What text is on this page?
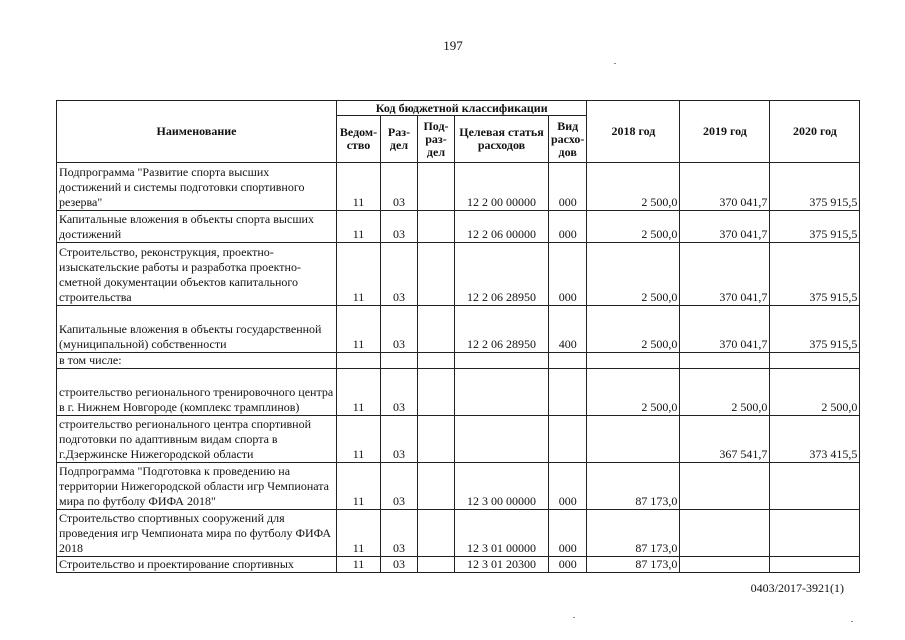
197
Наименование	Код бюджетной классификации					2018 год	2019 год	2020 год
	Ведом-ство	Раз-дел	Под-раз-дел	Целевая статья расходов	Вид расхо-дов			
Подпрограмма "Развитие спорта высших достижений и системы подготовки спортивного резерва"	11	03		12 2 00 00000	000	2 500,0	370 041,7	375 915,5
Капитальные вложения в объекты спорта высших достижений	11	03		12 2 06 00000	000	2 500,0	370 041,7	375 915,5
Строительство, реконструкция, проектно-изыскательские работы и разработка проектно-сметной документации объектов капитального строительства	11	03		12 2 06 28950	000	2 500,0	370 041,7	375 915,5
Капитальные вложения в объекты государственной (муниципальной) собственности	11	03		12 2 06 28950	400	2 500,0	370 041,7	375 915,5
в том числе:								
строительство регионального тренировочного центра в г. Нижнем Новгороде (комплекс трамплинов)	11	03				2 500,0	2 500,0	2 500,0
строительство регионального центра спортивной подготовки по адаптивным видам спорта в г.Дзержинске Нижегородской области	11	03					367 541,7	373 415,5
Подпрограмма "Подготовка к проведению на территории Нижегородской области игр Чемпионата мира по футболу ФИФА 2018"	11	03		12 3 00 00000	000	87 173,0		
Строительство спортивных сооружений для проведения игр Чемпионата мира по футболу ФИФА 2018	11	03		12 3 01 00000	000	87 173,0		
Строительство и проектирование спортивных	11	03		12 3 01 20300	000	87 173,0		
0403/2017-3921(1)
